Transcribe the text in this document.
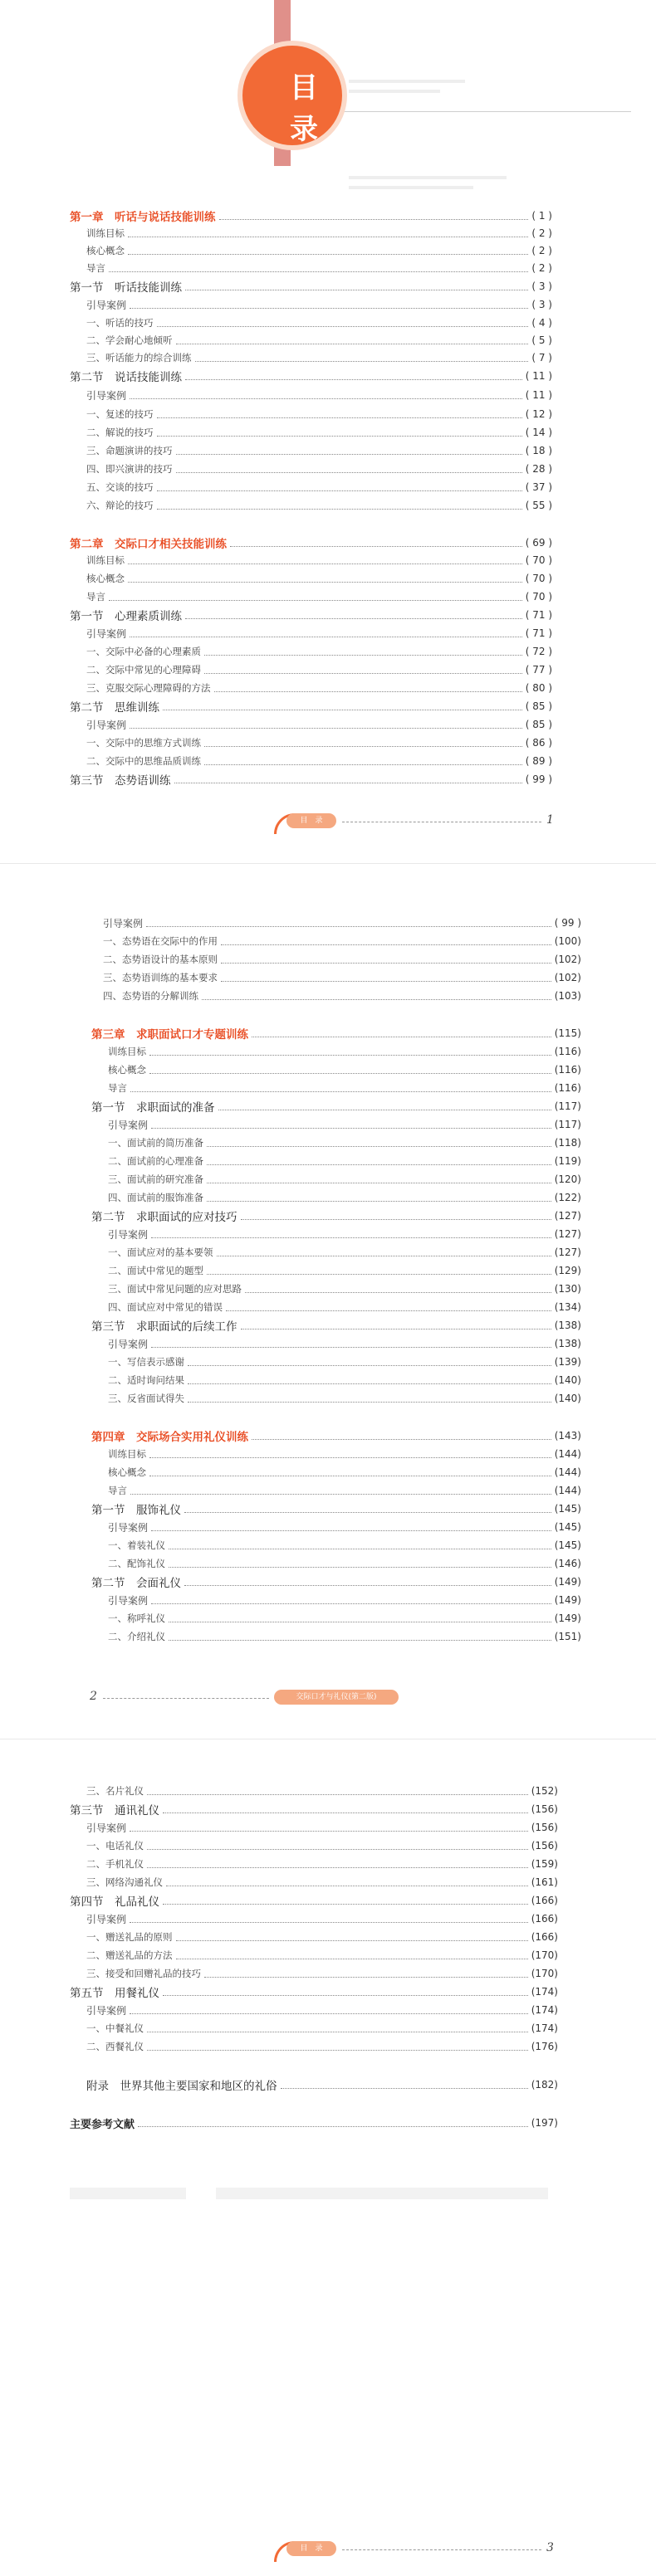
目
录
第一章　听话与说话技能训练	( 1 )
训练目标	( 2 )
核心概念	( 2 )
导言	( 2 )
第一节　听话技能训练	( 3 )
引导案例	( 3 )
一、听话的技巧	( 4 )
二、学会耐心地倾听	( 5 )
三、听话能力的综合训练	( 7 )
第二节　说话技能训练	( 11 )
引导案例	( 11 )
一、复述的技巧	( 12 )
二、解说的技巧	( 14 )
三、命题演讲的技巧	( 18 )
四、即兴演讲的技巧	( 28 )
五、交谈的技巧	( 37 )
六、辩论的技巧	( 55 )
第二章　交际口才相关技能训练	( 69 )
训练目标	( 70 )
核心概念	( 70 )
导言	( 70 )
第一节　心理素质训练	( 71 )
引导案例	( 71 )
一、交际中必备的心理素质	( 72 )
二、交际中常见的心理障碍	( 77 )
三、克服交际心理障碍的方法	( 80 )
第二节　思维训练	( 85 )
引导案例	( 85 )
一、交际中的思维方式训练	( 86 )
二、交际中的思维品质训练	( 89 )
第三节　态势语训练	( 99 )
目　录	1
引导案例	( 99 )
一、态势语在交际中的作用	(100)
二、态势语设计的基本原则	(102)
三、态势语训练的基本要求	(102)
四、态势语的分解训练	(103)
第三章　求职面试口才专题训练	(115)
训练目标	(116)
核心概念	(116)
导言	(116)
第一节　求职面试的准备	(117)
引导案例	(117)
一、面试前的简历准备	(118)
二、面试前的心理准备	(119)
三、面试前的研究准备	(120)
四、面试前的服饰准备	(122)
第二节　求职面试的应对技巧	(127)
引导案例	(127)
一、面试应对的基本要领	(127)
二、面试中常见的题型	(129)
三、面试中常见问题的应对思路	(130)
四、面试应对中常见的错误	(134)
第三节　求职面试的后续工作	(138)
引导案例	(138)
一、写信表示感谢	(139)
二、适时询问结果	(140)
三、反省面试得失	(140)
第四章　交际场合实用礼仪训练	(143)
训练目标	(144)
核心概念	(144)
导言	(144)
第一节　服饰礼仪	(145)
引导案例	(145)
一、着装礼仪	(145)
二、配饰礼仪	(146)
第二节　会面礼仪	(149)
引导案例	(149)
一、称呼礼仪	(149)
二、介绍礼仪	(151)
2	交际口才与礼仪(第二版)
三、名片礼仪	(152)
第三节　通讯礼仪	(156)
引导案例	(156)
一、电话礼仪	(156)
二、手机礼仪	(159)
三、网络沟通礼仪	(161)
第四节　礼品礼仪	(166)
引导案例	(166)
一、赠送礼品的原则	(166)
二、赠送礼品的方法	(170)
三、接受和回赠礼品的技巧	(170)
第五节　用餐礼仪	(174)
引导案例	(174)
一、中餐礼仪	(174)
二、西餐礼仪	(176)
附录　世界其他主要国家和地区的礼俗	(182)
主要参考文献	(197)
目　录	3
